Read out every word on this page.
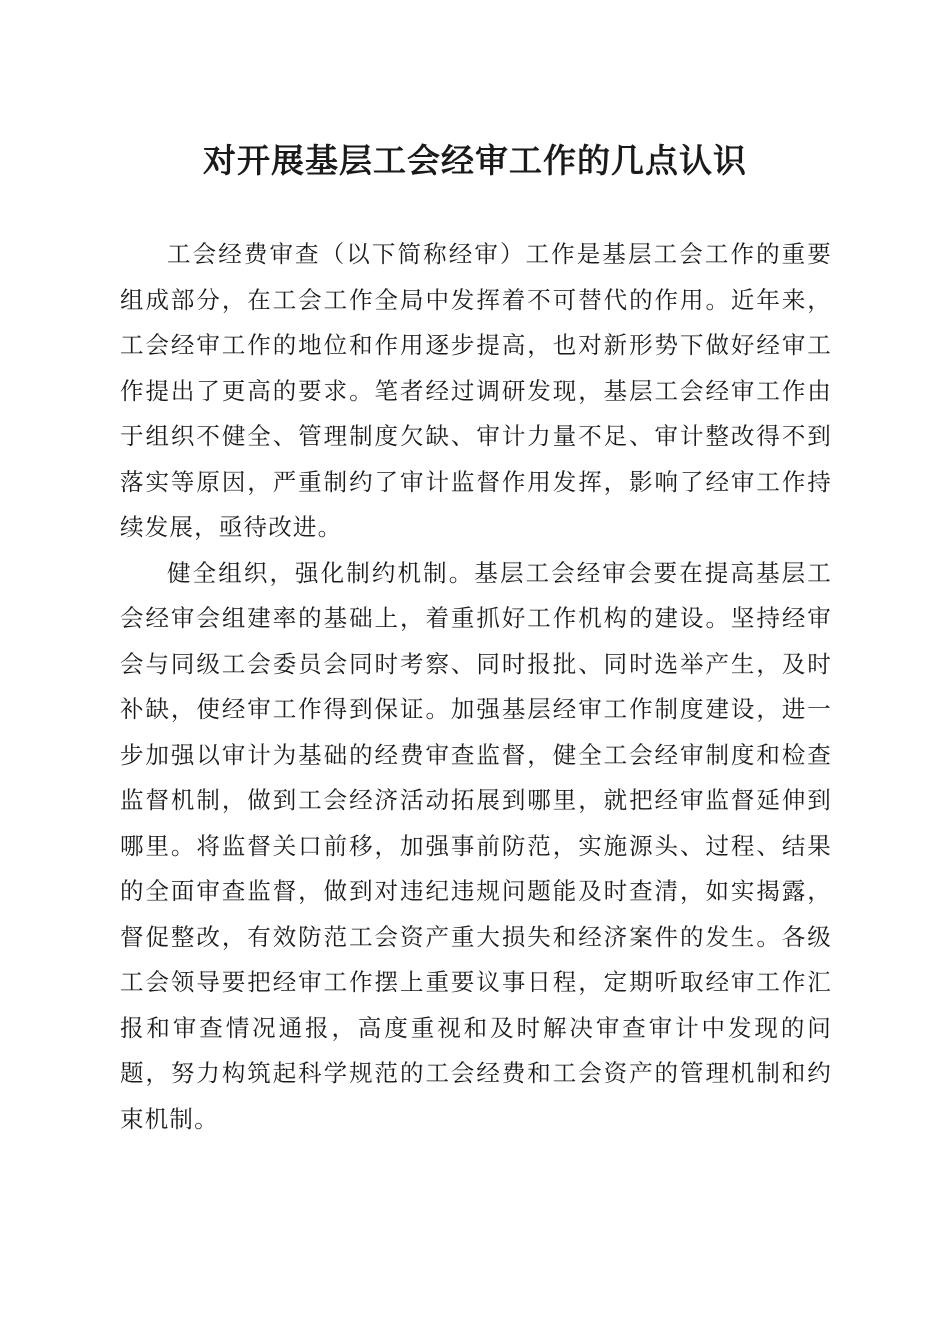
对开展基层工会经审工作的几点认识

工会经费审查（以下简称经审）工作是基层工会工作的重要组成部分，在工会工作全局中发挥着不可替代的作用。近年来，工会经审工作的地位和作用逐步提高，也对新形势下做好经审工作提出了更高的要求。笔者经过调研发现，基层工会经审工作由于组织不健全、管理制度欠缺、审计力量不足、审计整改得不到落实等原因，严重制约了审计监督作用发挥，影响了经审工作持续发展，亟待改进。

健全组织，强化制约机制。基层工会经审会要在提高基层工会经审会组建率的基础上，着重抓好工作机构的建设。坚持经审会与同级工会委员会同时考察、同时报批、同时选举产生，及时补缺，使经审工作得到保证。加强基层经审工作制度建设，进一步加强以审计为基础的经费审查监督，健全工会经审制度和检查监督机制，做到工会经济活动拓展到哪里，就把经审监督延伸到哪里。将监督关口前移，加强事前防范，实施源头、过程、结果的全面审查监督，做到对违纪违规问题能及时查清，如实揭露，督促整改，有效防范工会资产重大损失和经济案件的发生。各级工会领导要把经审工作摆上重要议事日程，定期听取经审工作汇报和审查情况通报，高度重视和及时解决审查审计中发现的问题，努力构筑起科学规范的工会经费和工会资产的管理机制和约束机制。
